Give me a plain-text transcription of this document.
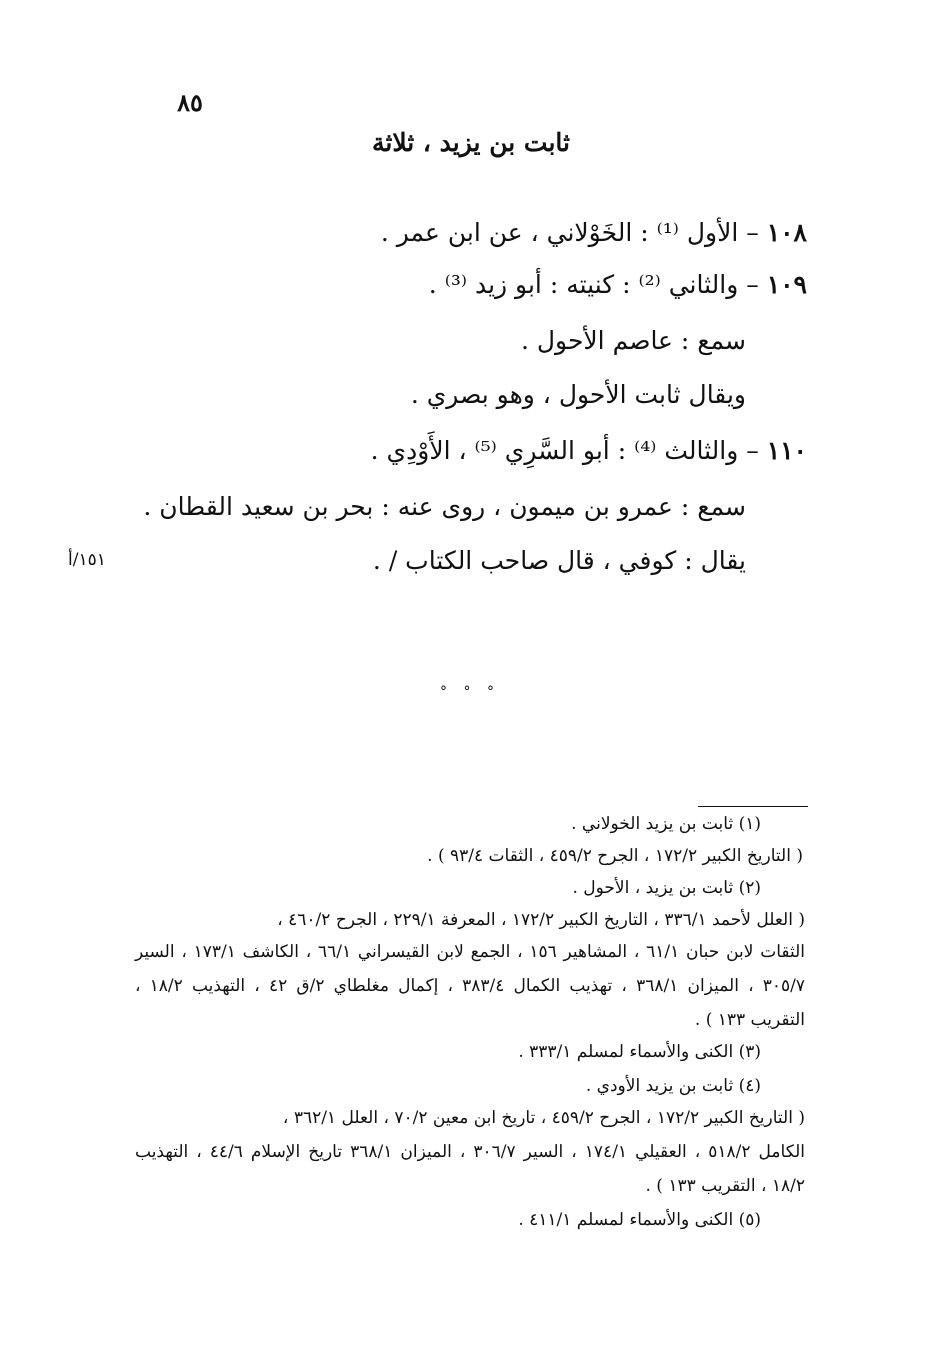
٨٥
ثابت بن يزيد ، ثلاثة
١٠٨ – الأول ⁽¹⁾ : الخَوْلاني ، عن ابن عمر .
١٠٩ – والثاني ⁽²⁾ : كنيته : أبو زيد ⁽³⁾ .
سمع : عاصم الأحول .
ويقال ثابت الأحول ، وهو بصري .
١١٠ – والثالث ⁽⁴⁾ : أبو السَّرِي ⁽⁵⁾ ، الأَوْدِي .
سمع : عمرو بن ميمون ، روى عنه : بحر بن سعيد القطان .
يقال : كوفي ، قال صاحب الكتاب / .
١٥١/أ
° ° °
(١) ثابت بن يزيد الخولاني .
( التاريخ الكبير ١٧٢/٢ ، الجرح ٤٥٩/٢ ، الثقات ٩٣/٤ ) .
(٢) ثابت بن يزيد ، الأحول .
( العلل لأحمد ٣٣٦/١ ، التاريخ الكبير ١٧٢/٢ ، المعرفة ٢٢٩/١ ، الجرح ٤٦٠/٢ ،
الثقات لابن حبان ٦١/١ ، المشاهير ١٥٦ ، الجمع لابن القيسراني ٦٦/١ ، الكاشف ١٧٣/١ ، السير
٣٠٥/٧ ، الميزان ٣٦٨/١ ، تهذيب الكمال ٣٨٣/٤ ، إكمال مغلطاي ٢/ق ٤٢ ، التهذيب ١٨/٢ ،
التقريب ١٣٣ ) .
(٣) الكنى والأسماء لمسلم ٣٣٣/١ .
(٤) ثابت بن يزيد الأودي .
( التاريخ الكبير ١٧٢/٢ ، الجرح ٤٥٩/٢ ، تاريخ ابن معين ٧٠/٢ ، العلل ٣٦٢/١ ،
الكامل ٥١٨/٢ ، العقيلي ١٧٤/١ ، السير ٣٠٦/٧ ، الميزان ٣٦٨/١ تاريخ الإسلام ٤٤/٦ ، التهذيب
١٨/٢ ، التقريب ١٣٣ ) .
(٥) الكنى والأسماء لمسلم ٤١١/١ .
